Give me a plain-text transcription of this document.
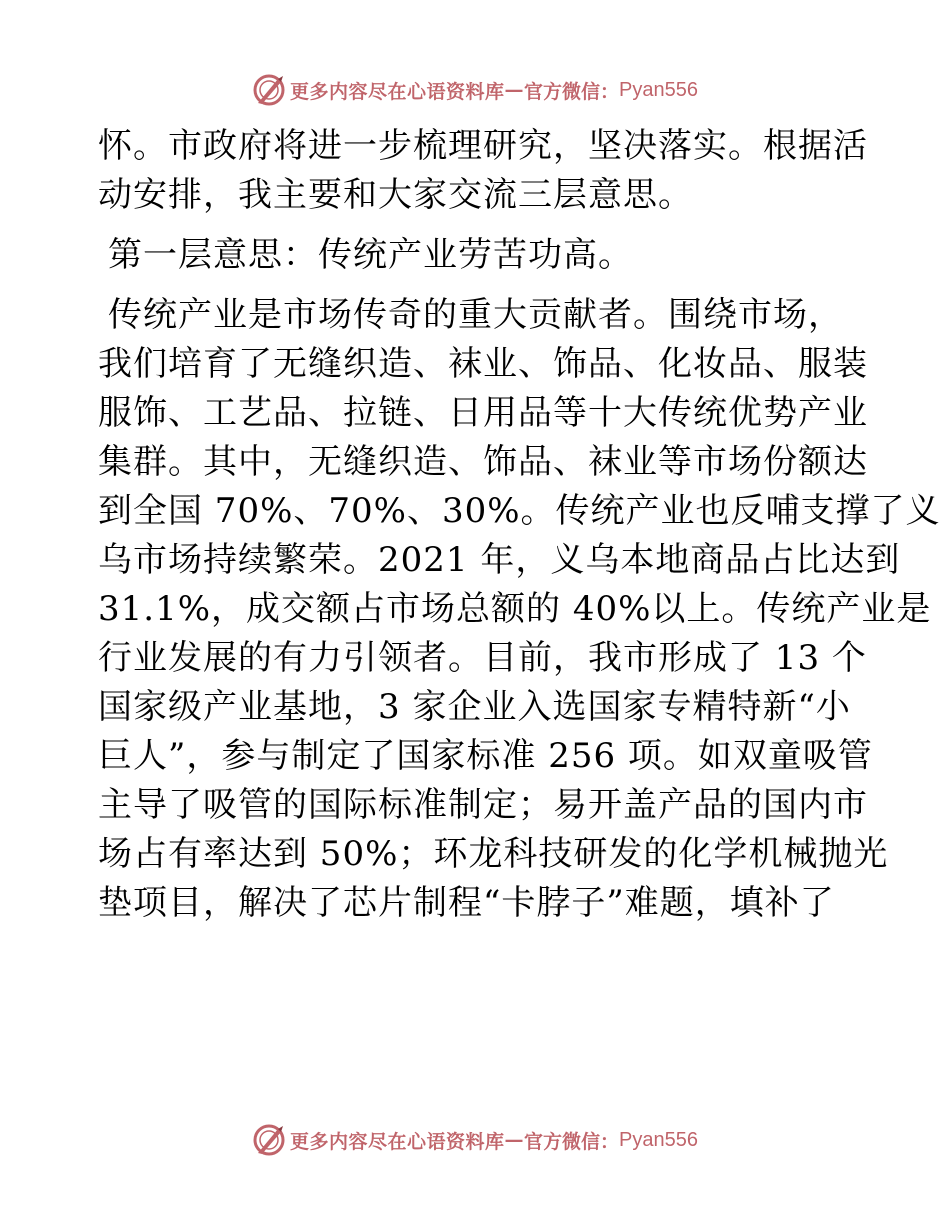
更多内容尽在心语资料库 — 官方微信： Pyan556

怀。市政府将进一步梳理研究，坚决落实。根据活
动安排，我主要和大家交流三层意思。

第一层意思：传统产业劳苦功高。

传统产业是市场传奇的重大贡献者。围绕市场，
我们培育了无缝织造、袜业、饰品、化妆品、服装
服饰、工艺品、拉链、日用品等十大传统优势产业
集群。其中，无缝织造、饰品、袜业等市场份额达
到全国 70%、70%、30%。传统产业也反哺支撑了义
乌市场持续繁荣。2021 年，义乌本地商品占比达到
31.1%，成交额占市场总额的 40%以上。传统产业是
行业发展的有力引领者。目前，我市形成了 13 个
国家级产业基地，3 家企业入选国家专精特新“小
巨人”，参与制定了国家标准 256 项。如双童吸管
主导了吸管的国际标准制定；易开盖产品的国内市
场占有率达到 50%；环龙科技研发的化学机械抛光
垫项目，解决了芯片制程“卡脖子”难题，填补了

更多内容尽在心语资料库 — 官方微信： Pyan556
